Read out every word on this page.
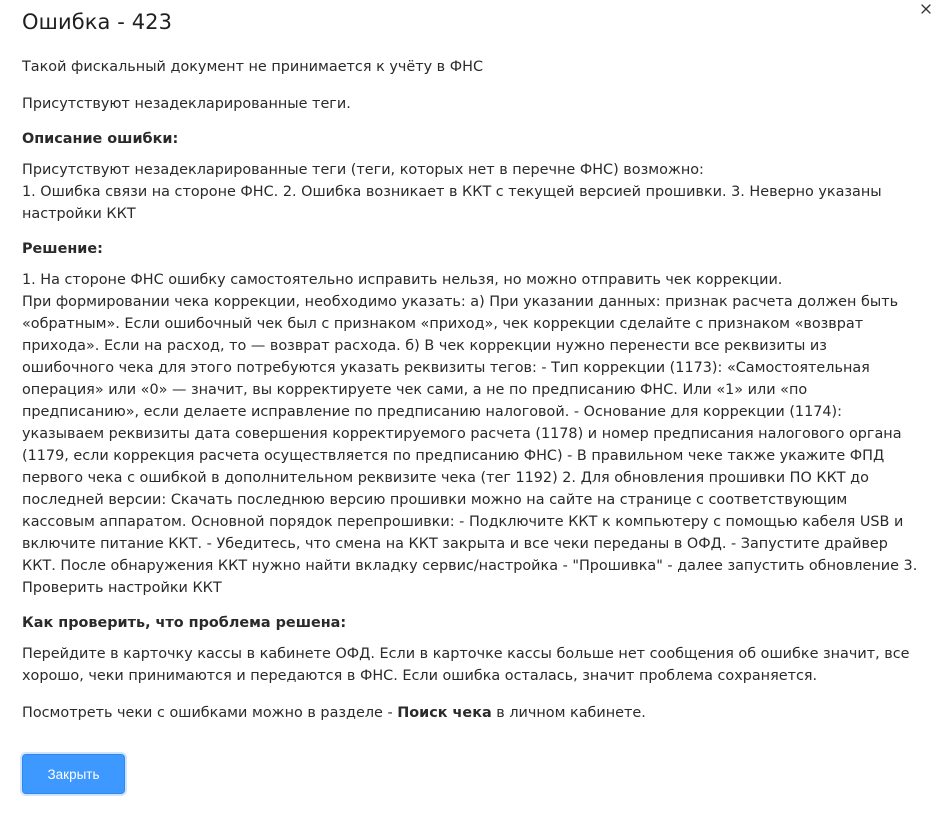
Ошибка - 423

Такой фискальный документ не принимается к учёту в ФНС

Присутствуют незадекларированные теги.

Описание ошибки:

Присутствуют незадекларированные теги (теги, которых нет в перечне ФНС) возможно:

1. Ошибка связи на стороне ФНС. 2. Ошибка возникает в ККТ с текущей версией прошивки. 3. Неверно указаны настройки ККТ

Решение:

1. На стороне ФНС ошибку самостоятельно исправить нельзя, но можно отправить чек коррекции.

При формировании чека коррекции, необходимо указать: а) При указании данных: признак расчета должен быть «обратным». Если ошибочный чек был с признаком «приход», чек коррекции сделайте с признаком «возврат прихода». Если на расход, то — возврат расхода. б) В чек коррекции нужно перенести все реквизиты из ошибочного чека для этого потребуются указать реквизиты тегов: - Тип коррекции (1173): «Самостоятельная операция» или «0» — значит, вы корректируете чек сами, а не по предписанию ФНС. Или «1» или «по предписанию», если делаете исправление по предписанию налоговой. - Основание для коррекции (1174): указываем реквизиты дата совершения корректируемого расчета (1178) и номер предписания налогового органа (1179, если коррекция расчета осуществляется по предписанию ФНС) - В правильном чеке также укажите ФПД первого чека с ошибкой в дополнительном реквизите чека (тег 1192) 2. Для обновления прошивки ПО ККТ до последней версии: Скачать последнюю версию прошивки можно на сайте на странице с соответствующим кассовым аппаратом. Основной порядок перепрошивки: - Подключите ККТ к компьютеру с помощью кабеля USB и включите питание ККТ. - Убедитесь, что смена на ККТ закрыта и все чеки переданы в ОФД. - Запустите драйвер ККТ. После обнаружения ККТ нужно найти вкладку сервис/настройка - "Прошивка" - далее запустить обновление 3. Проверить настройки ККТ

Как проверить, что проблема решена:

Перейдите в карточку кассы в кабинете ОФД. Если в карточке кассы больше нет сообщения об ошибке значит, все хорошо, чеки принимаются и передаются в ФНС. Если ошибка осталась, значит проблема сохраняется.

Посмотреть чеки с ошибками можно в разделе - Поиск чека в личном кабинете.

Закрыть
